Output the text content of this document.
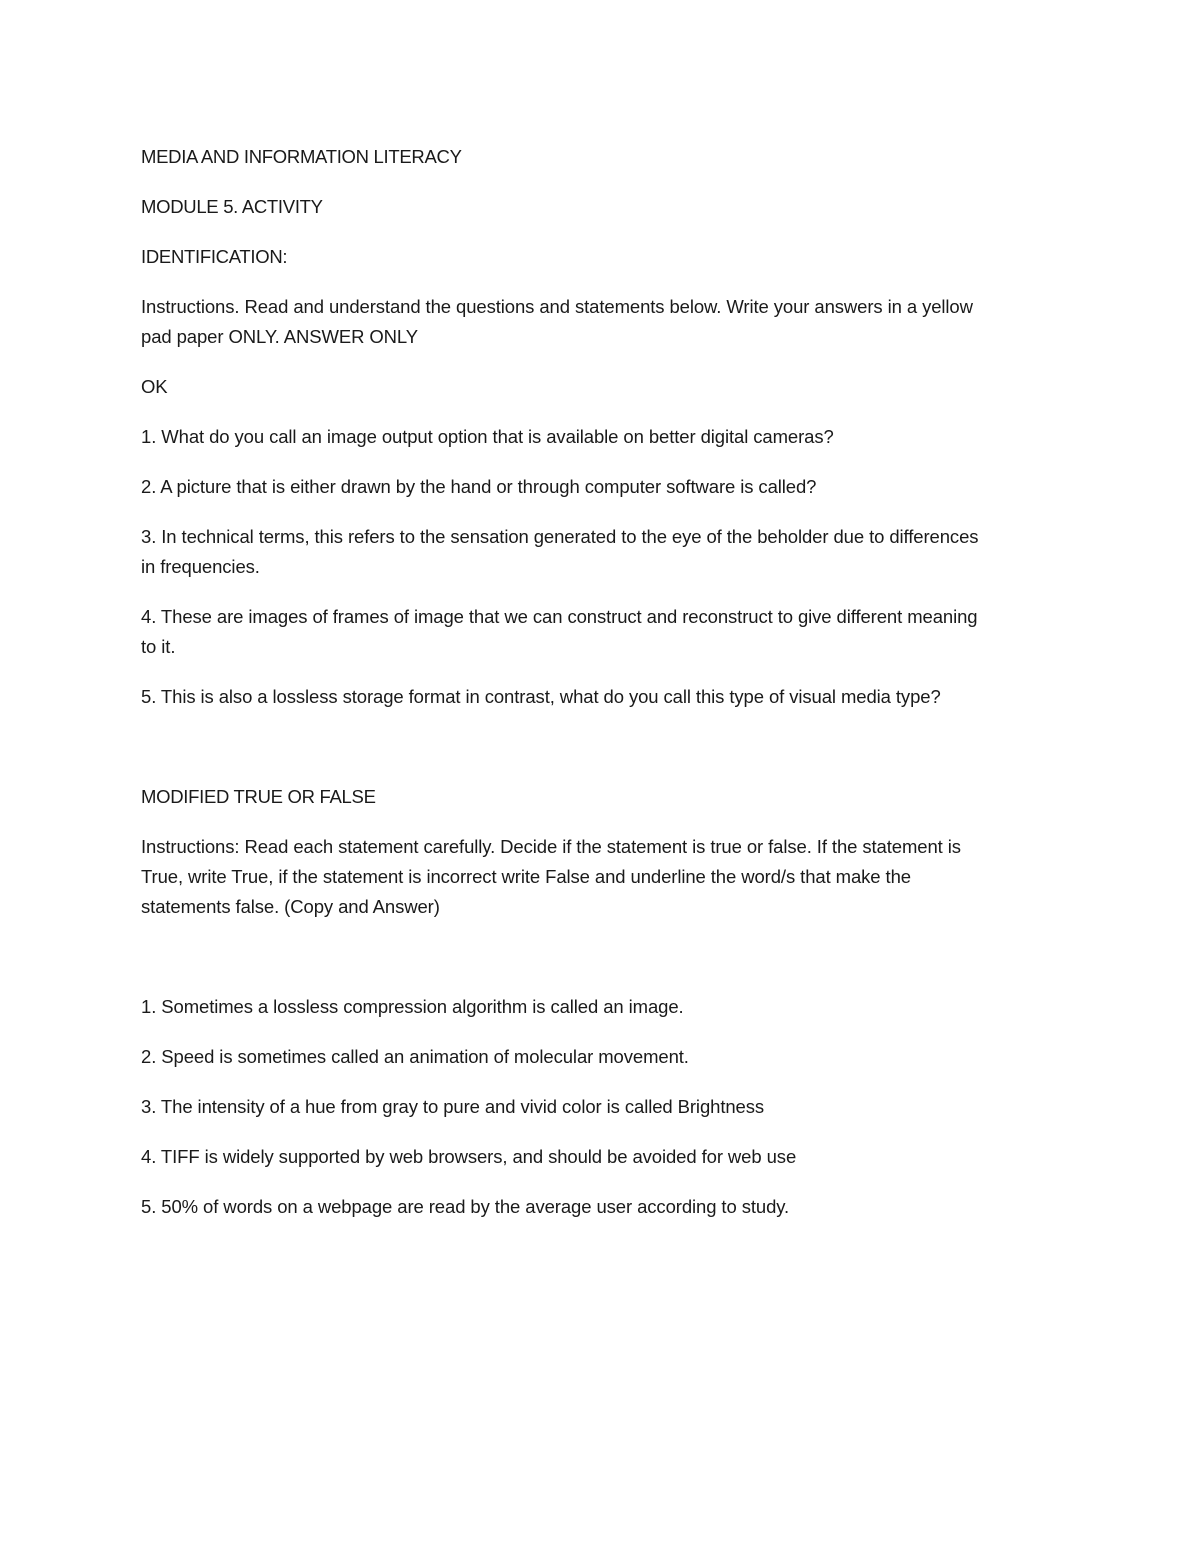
MEDIA AND INFORMATION LITERACY

MODULE 5. ACTIVITY

IDENTIFICATION:

Instructions. Read and understand the questions and statements below. Write your answers in a yellow

pad paper ONLY. ANSWER ONLY

OK

1. What do you call an image output option that is available on better digital cameras?

2. A picture that is either drawn by the hand or through computer software is called?

3. In technical terms, this refers to the sensation generated to the eye of the beholder due to differences

in frequencies.

4. These are images of frames of image that we can construct and reconstruct to give different meaning

to it.

5. This is also a lossless storage format in contrast, what do you call this type of visual media type?

MODIFIED TRUE OR FALSE

Instructions: Read each statement carefully. Decide if the statement is true or false. If the statement is

True, write True, if the statement is incorrect write False and underline the word/s that make the

statements false. (Copy and Answer)

1. Sometimes a lossless compression algorithm is called an image.

2. Speed is sometimes called an animation of molecular movement.

3. The intensity of a hue from gray to pure and vivid color is called Brightness

4. TIFF is widely supported by web browsers, and should be avoided for web use

5. 50% of words on a webpage are read by the average user according to study.
